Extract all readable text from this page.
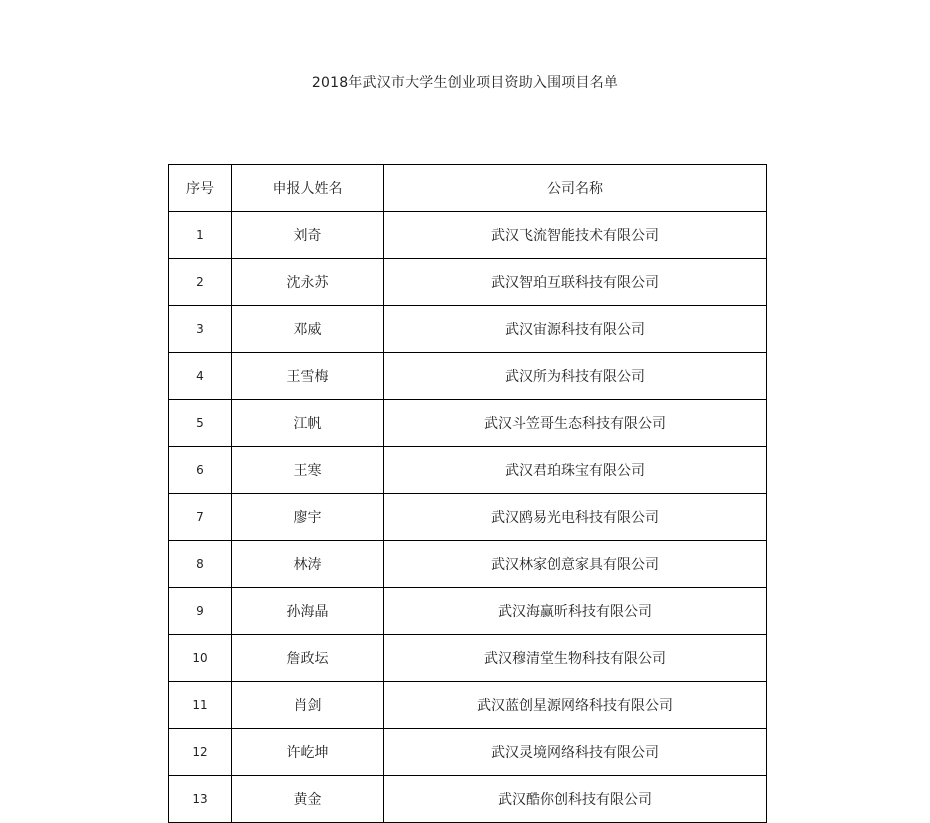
2018年武汉市大学生创业项目资助入围项目名单
序号	申报人姓名	公司名称
1	刘奇	武汉飞流智能技术有限公司
2	沈永苏	武汉智珀互联科技有限公司
3	邓威	武汉宙源科技有限公司
4	王雪梅	武汉所为科技有限公司
5	江帆	武汉斗笠哥生态科技有限公司
6	王寒	武汉君珀珠宝有限公司
7	廖宇	武汉鸥易光电科技有限公司
8	林涛	武汉林家创意家具有限公司
9	孙海晶	武汉海赢昕科技有限公司
10	詹政坛	武汉穆清堂生物科技有限公司
11	肖剑	武汉蓝创星源网络科技有限公司
12	许屹坤	武汉灵境网络科技有限公司
13	黄金	武汉酷你创科技有限公司
